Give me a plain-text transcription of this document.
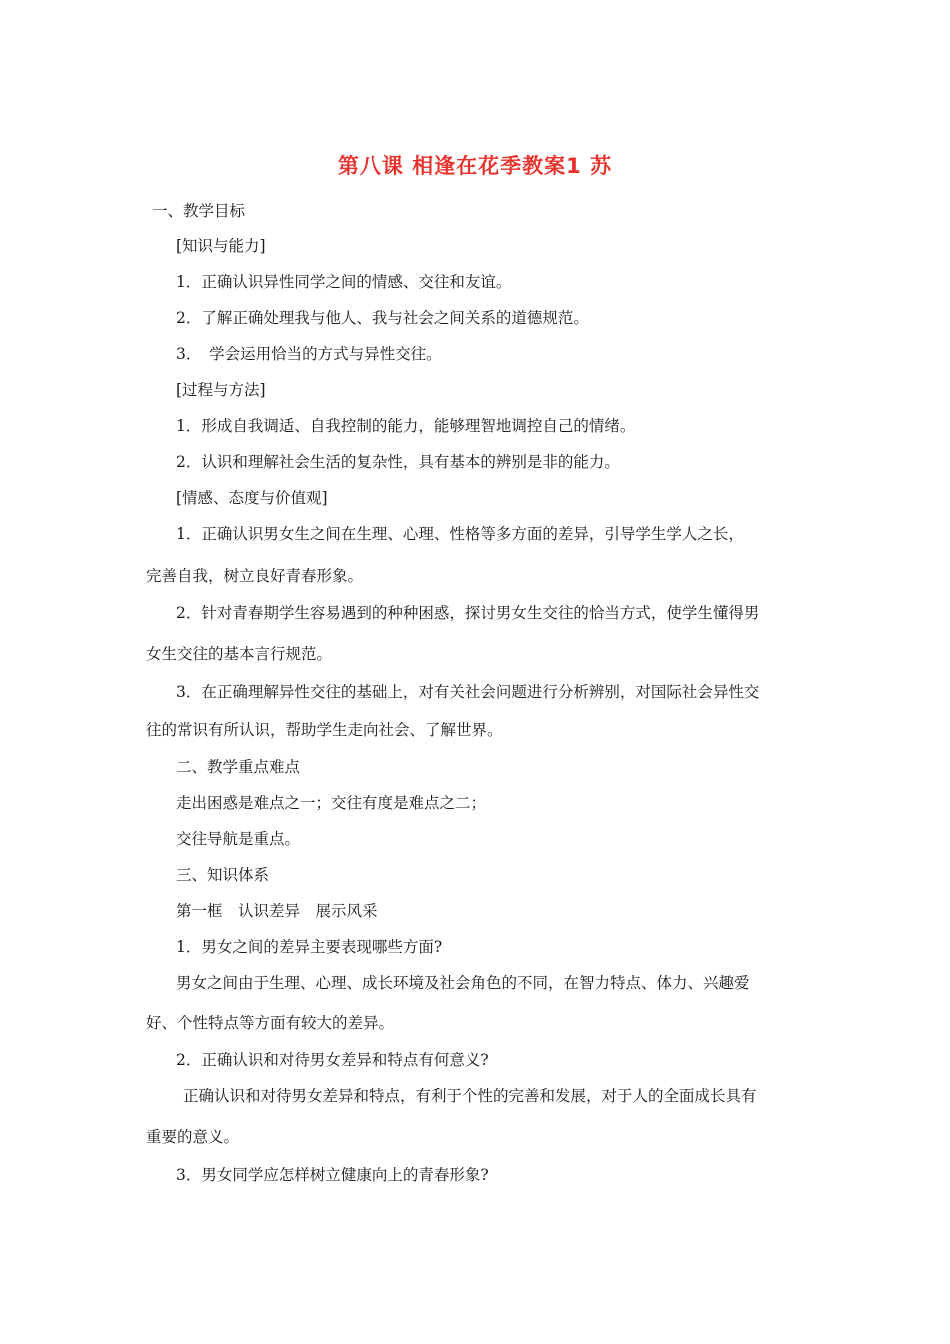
第八课 相逢在花季教案1 苏
一、教学目标
[知识与能力]
1．正确认识异性同学之间的情感、交往和友谊。
2．了解正确处理我与他人、我与社会之间关系的道德规范。
3．　学会运用恰当的方式与异性交往。
[过程与方法]
1．形成自我调适、自我控制的能力，能够理智地调控自己的情绪。
2．认识和理解社会生活的复杂性，具有基本的辨别是非的能力。
[情感、态度与价值观]
1．正确认识男女生之间在生理、心理、性格等多方面的差异，引导学生学人之长，
完善自我，树立良好青春形象。
2．针对青春期学生容易遇到的种种困惑，探讨男女生交往的恰当方式，使学生懂得男
女生交往的基本言行规范。
3．在正确理解异性交往的基础上，对有关社会问题进行分析辨别，对国际社会异性交
往的常识有所认识，帮助学生走向社会、了解世界。
二、教学重点难点
走出困惑是难点之一；交往有度是难点之二；
交往导航是重点。
三、知识体系
第一框　认识差异　展示风采
1．男女之间的差异主要表现哪些方面?
男女之间由于生理、心理、成长环境及社会角色的不同，在智力特点、体力、兴趣爱
好、个性特点等方面有较大的差异。
2．正确认识和对待男女差异和特点有何意义?
正确认识和对待男女差异和特点，有利于个性的完善和发展，对于人的全面成长具有
重要的意义。
3．男女同学应怎样树立健康向上的青春形象?
